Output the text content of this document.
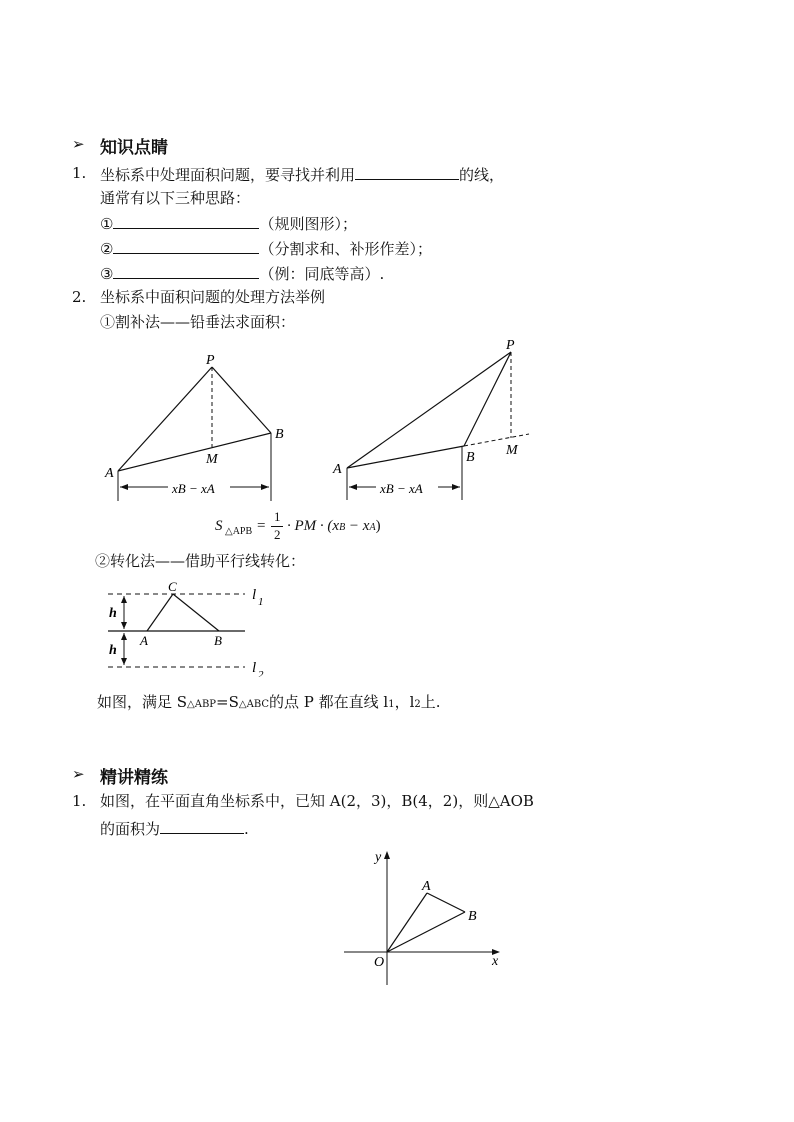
➢ 知识点睛
1. 坐标系中处理面积问题，要寻找并利用	的线，
通常有以下三种思路：
①	（规则图形）；
②	（分割求和、补形作差）；
③	（例：同底等高）.
2. 坐标系中面积问题的处理方法举例
①割补法——铅垂法求面积：
P
B
A
M
xB − xA
P
B
A
M
xB − xA
S △APB =
1
2
· PM · (xB − xA)
②转化法——借助平行线转化：
C
A	B
h
h
l 1
l 2
如图，满足 S△ABP=S△ABC的点 P 都在直线 l1，l2上.
➢ 精讲精练
1. 如图，在平面直角坐标系中，已知 A(2，3)，B(4，2)，则△AOB
的面积为	.
y
x
O
A
B
